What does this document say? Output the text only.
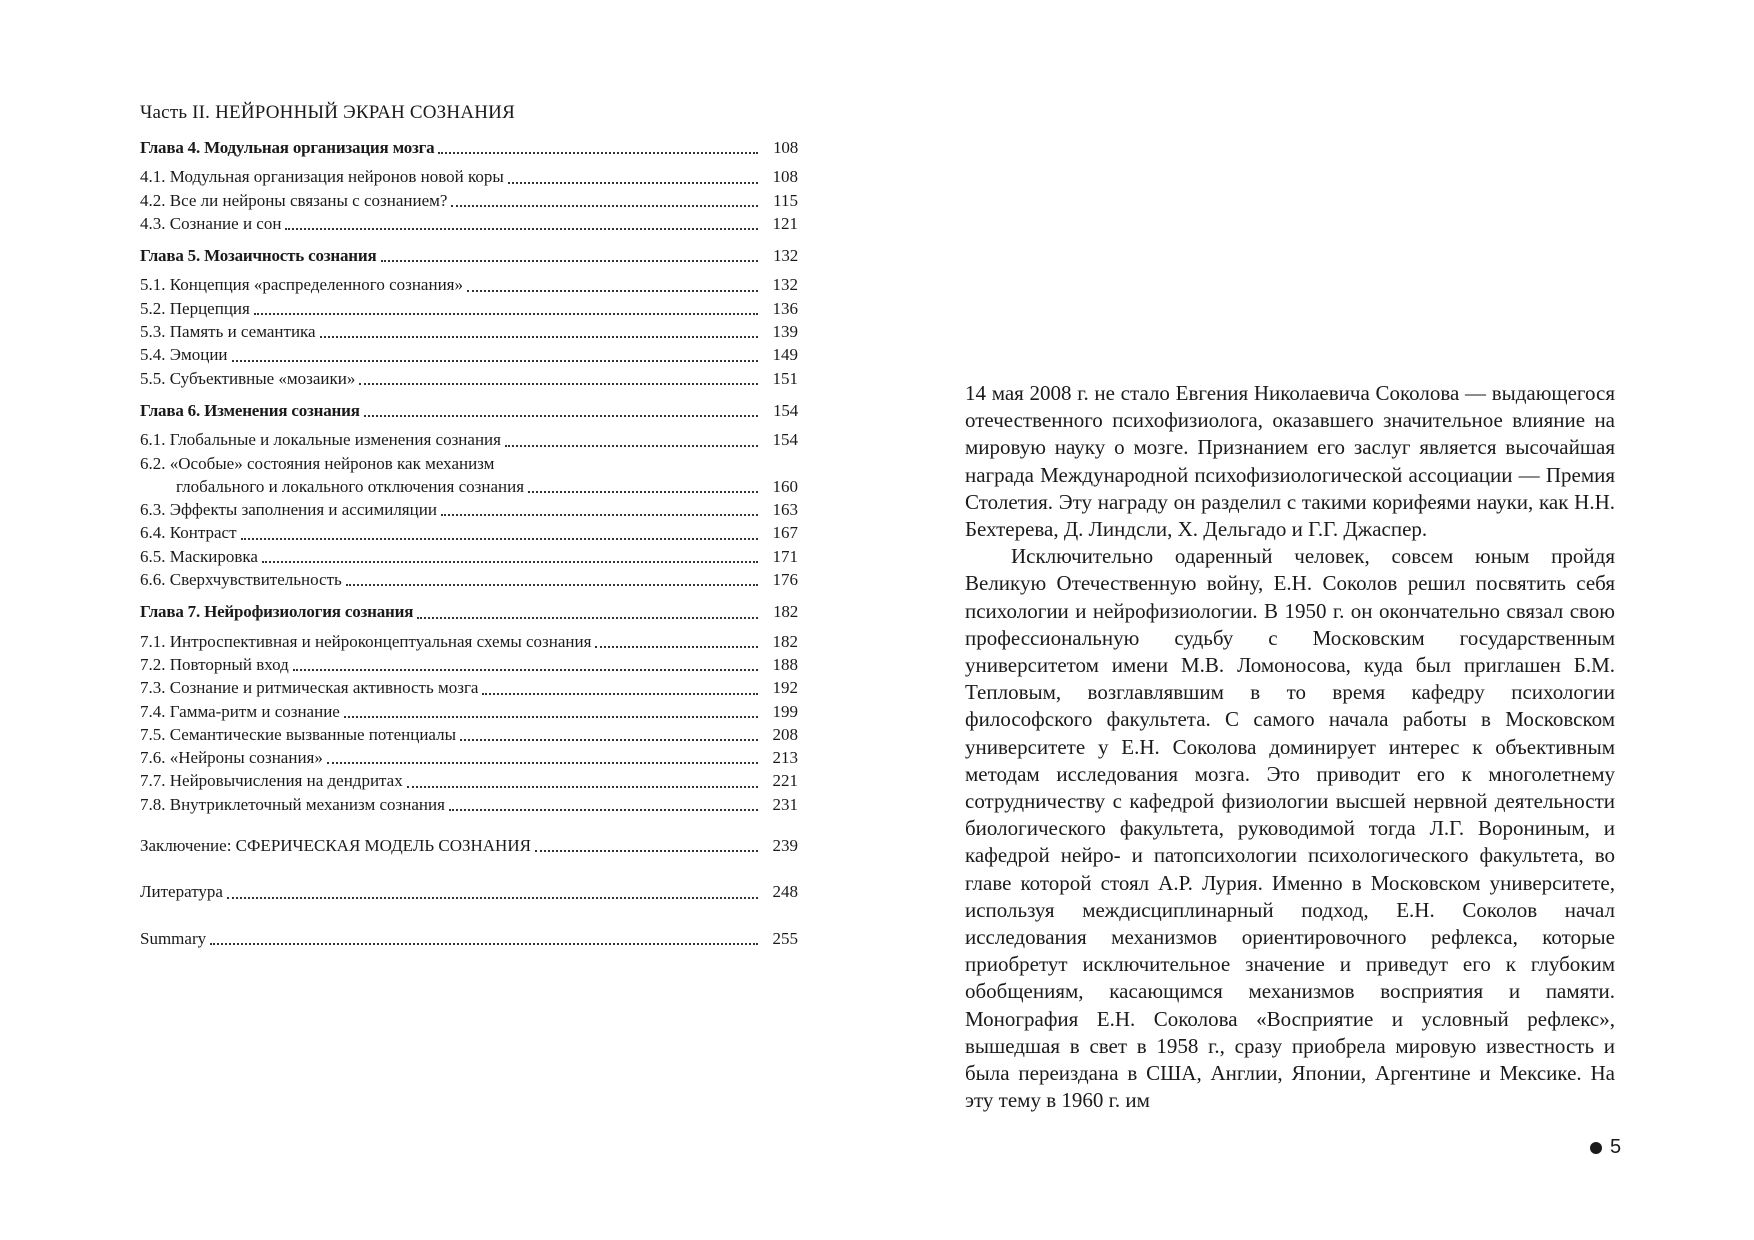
Часть II. НЕЙРОННЫЙ ЭКРАН СОЗНАНИЯ
Глава 4. Модульная организация мозга	108
4.1. Модульная организация нейронов новой коры	108
4.2. Все ли нейроны связаны с сознанием?	115
4.3. Сознание и сон	121
Глава 5. Мозаичность сознания	132
5.1. Концепция «распределенного сознания»	132
5.2. Перцепция	136
5.3. Память и семантика	139
5.4. Эмоции	149
5.5. Субъективные «мозаики»	151
Глава 6. Изменения сознания	154
6.1. Глобальные и локальные изменения сознания	154
6.2. «Особые» состояния нейронов как механизм
глобального и локального отключения сознания	160
6.3. Эффекты заполнения и ассимиляции	163
6.4. Контраст	167
6.5. Маскировка	171
6.6. Сверхчувствительность	176
Глава 7. Нейрофизиология сознания	182
7.1. Интроспективная и нейроконцептуальная схемы сознания	182
7.2. Повторный вход	188
7.3. Сознание и ритмическая активность мозга	192
7.4. Гамма-ритм и сознание	199
7.5. Семантические вызванные потенциалы	208
7.6. «Нейроны сознания»	213
7.7. Нейровычисления на дендритах	221
7.8. Внутриклеточный механизм сознания	231
Заключение: СФЕРИЧЕСКАЯ МОДЕЛЬ СОЗНАНИЯ	239
Литература	248
Summary	255

14 мая 2008 г. не стало Евгения Николаевича Соколова — выдающегося отечественного психофизиолога, оказавшего значительное влияние на мировую науку о мозге. Признанием его заслуг является высочайшая награда Международной психофизиологической ассоциации — Премия Столетия. Эту награду он разделил с такими корифеями науки, как Н.Н. Бехтерева, Д. Линдсли, Х. Дельгадо и Г.Г. Джаспер.

Исключительно одаренный человек, совсем юным пройдя Великую Отечественную войну, Е.Н. Соколов решил посвятить себя психологии и нейрофизиологии. В 1950 г. он окончательно связал свою профессиональную судьбу с Московским государственным университетом имени М.В. Ломоносова, куда был приглашен Б.М. Тепловым, возглавлявшим в то время кафедру психологии философского факультета. С самого начала работы в Московском университете у Е.Н. Соколова доминирует интерес к объективным методам исследования мозга. Это приводит его к многолетнему сотрудничеству с кафедрой физиологии высшей нервной деятельности биологического факультета, руководимой тогда Л.Г. Ворониным, и кафедрой нейро- и патопсихологии психологического факультета, во главе которой стоял А.Р. Лурия. Именно в Московском университете, используя междисциплинарный подход, Е.Н. Соколов начал исследования механизмов ориентировочного рефлекса, которые приобретут исключительное значение и приведут его к глубоким обобщениям, касающимся механизмов восприятия и памяти. Монография Е.Н. Соколова «Восприятие и условный рефлекс», вышедшая в свет в 1958 г., сразу приобрела мировую известность и была переиздана в США, Англии, Японии, Аргентине и Мексике. На эту тему в 1960 г. им

5
